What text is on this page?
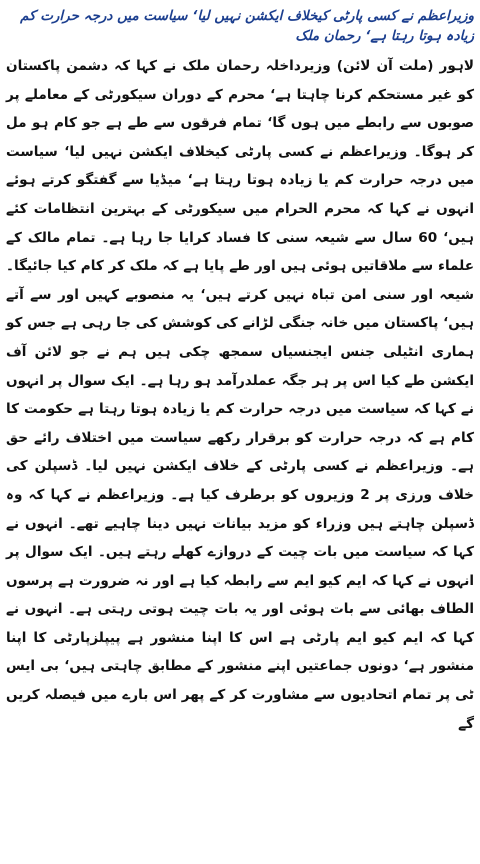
وزیراعظم نے کسی پارٹی کیخلاف ایکشن نہیں لیا‘ سیاست میں درجہ حرارت کم زیادہ ہوتا رہتا ہے‘ رحمان ملک

لاہور (ملت آن لائن) وزیرداخلہ رحمان ملک نے کہا کہ دشمن پاکستان کو غیر مستحکم کرنا چاہتا ہے‘ محرم کے دوران سیکورٹی کے معاملے پر صوبوں سے رابطے میں ہوں گا‘ تمام فرقوں سے طے ہے جو کام ہو مل کر ہوگا۔ وزیراعظم نے کسی پارٹی کیخلاف ایکشن نہیں لیا‘ سیاست میں درجہ حرارت کم یا زیادہ ہوتا رہتا ہے‘ میڈیا سے گفتگو کرتے ہوئے انہوں نے کہا کہ محرم الحرام میں سیکورٹی کے بہترین انتظامات کئے ہیں‘ 60 سال سے شیعہ سنی کا فساد کرایا جا رہا ہے۔ تمام مالک کے علماء سے ملاقاتیں ہوئی ہیں اور طے پایا ہے کہ ملک کر کام کیا جائیگا۔ شیعہ اور سنی امن تباہ نہیں کرتے ہیں‘ یہ منصوبے کہیں اور سے آتے ہیں‘ پاکستان میں خانہ جنگی لڑانے کی کوشش کی جا رہی ہے جس کو ہماری انٹیلی جنس ایجنسیاں سمجھ چکی ہیں ہم نے جو لائن آف ایکشن طے کیا اس پر ہر جگہ عملدرآمد ہو رہا ہے۔ ایک سوال پر انہوں نے کہا کہ سیاست میں درجہ حرارت کم یا زیادہ ہوتا رہتا ہے حکومت کا کام ہے کہ درجہ حرارت کو برقرار رکھے سیاست میں اختلاف رائے حق ہے۔ وزیراعظم نے کسی پارٹی کے خلاف ایکشن نہیں لیا۔ ڈسپلن کی خلاف ورزی پر 2 وزیروں کو برطرف کیا ہے۔ وزیراعظم نے کہا کہ وہ ڈسپلن چاہتے ہیں وزراء کو مزید بیانات نہیں دینا چاہیے تھے۔ انہوں نے کہا کہ سیاست میں بات چیت کے دروازے کھلے رہتے ہیں۔ ایک سوال پر انہوں نے کہا کہ ایم کیو ایم سے رابطہ کیا ہے اور نہ ضرورت ہے پرسوں الطاف بھائی سے بات ہوئی اور یہ بات چیت ہوتی رہتی ہے۔ انہوں نے کہا کہ ایم کیو ایم پارٹی ہے اس کا اپنا منشور ہے پیپلزپارٹی کا اپنا منشور ہے‘ دونوں جماعتیں اپنے منشور کے مطابق چاہتی ہیں‘ بی ایس ٹی پر تمام اتحادیوں سے مشاورت کر کے پھر اس بارے میں فیصلہ کریں گے
